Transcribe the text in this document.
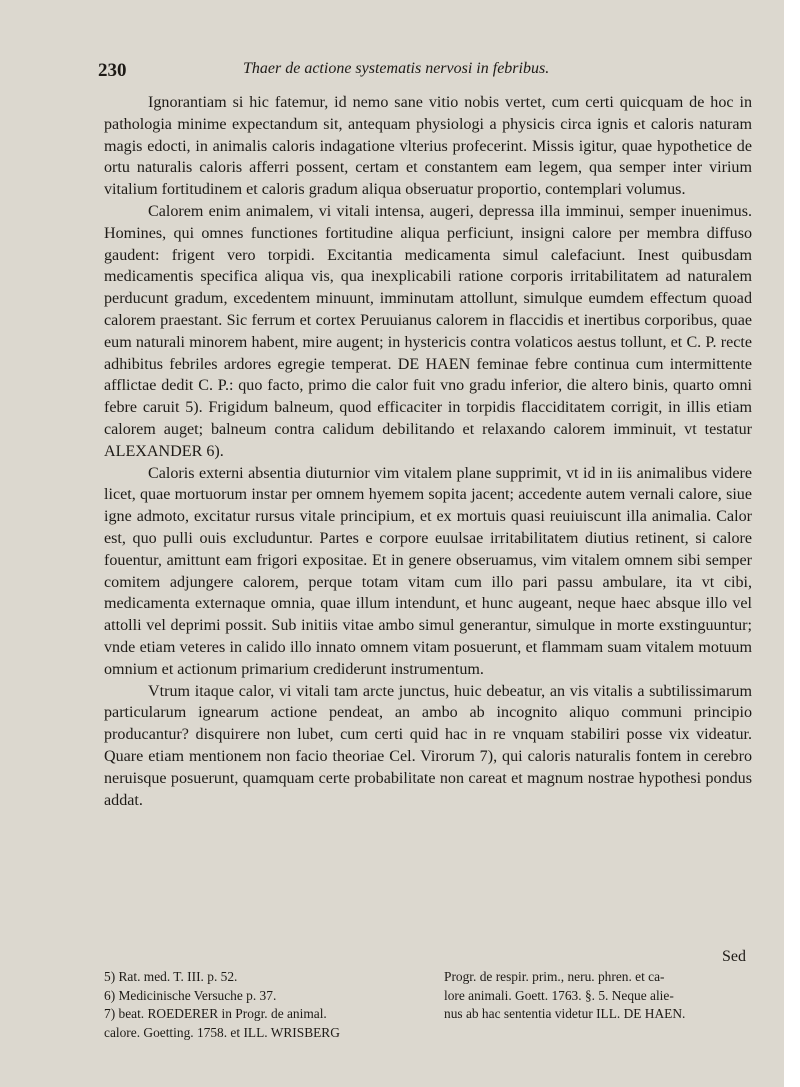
230	Thaer de actione systematis nervosi in febribus.

Ignorantiam si hic fatemur, id nemo sane vitio nobis vertet, cum certi quicquam de hoc in pathologia minime expectandum sit, antequam physiologi a physicis circa ignis et caloris naturam magis edocti, in animalis caloris indagatione vlterius profecerint. Missis igitur, quae hypothetice de ortu naturalis caloris afferri possent, certam et constantem eam legem, qua semper inter virium vitalium fortitudinem et caloris gradum aliqua obseruatur proportio, contemplari volumus.

Calorem enim animalem, vi vitali intensa, augeri, depressa illa imminui, semper inuenimus. Homines, qui omnes functiones fortitudine aliqua perficiunt, insigni calore per membra diffuso gaudent: frigent vero torpidi. Excitantia medicamenta simul calefaciunt. Inest quibusdam medicamentis specifica aliqua vis, qua inexplicabili ratione corporis irritabilitatem ad naturalem perducunt gradum, excedentem minuunt, imminutam attollunt, simulque eumdem effectum quoad calorem praestant. Sic ferrum et cortex Peruuianus calorem in flaccidis et inertibus corporibus, quae eum naturali minorem habent, mire augent; in hystericis contra volaticos aestus tollunt, et C. P. recte adhibitus febriles ardores egregie temperat. DE HAEN feminae febre continua cum intermittente afflictae dedit C. P.: quo facto, primo die calor fuit vno gradu inferior, die altero binis, quarto omni febre caruit 5). Frigidum balneum, quod efficaciter in torpidis flacciditatem corrigit, in illis etiam calorem auget; balneum contra calidum debilitando et relaxando calorem imminuit, vt testatur ALEXANDER 6).

Caloris externi absentia diuturnior vim vitalem plane supprimit, vt id in iis animalibus videre licet, quae mortuorum instar per omnem hyemem sopita jacent; accedente autem vernali calore, siue igne admoto, excitatur rursus vitale principium, et ex mortuis quasi reuiuiscunt illa animalia. Calor est, quo pulli ouis excluduntur. Partes e corpore euulsae irritabilitatem diutius retinent, si calore fouentur, amittunt eam frigori expositae. Et in genere obseruamus, vim vitalem omnem sibi semper comitem adjungere calorem, perque totam vitam cum illo pari passu ambulare, ita vt cibi, medicamenta externaque omnia, quae illum intendunt, et hunc augeant, neque haec absque illo vel attolli vel deprimi possit. Sub initiis vitae ambo simul generantur, simulque in morte exstinguuntur; vnde etiam veteres in calido illo innato omnem vitam posuerunt, et flammam suam vitalem motuum omnium et actionum primarium crediderunt instrumentum.

Vtrum itaque calor, vi vitali tam arcte junctus, huic debeatur, an vis vitalis a subtilissimarum particularum ignearum actione pendeat, an ambo ab incognito aliquo communi principio producantur? disquirere non lubet, cum certi quid hac in re vnquam stabiliri posse vix videatur. Quare etiam mentionem non facio theoriae Cel. Virorum 7), qui caloris naturalis fontem in cerebro neruisque posuerunt, quamquam certe probabilitate non careat et magnum nostrae hypothesi pondus addat.

Sed
5) Rat. med. T. III. p. 52.
6) Medicinische Versuche p. 37.
7) beat. ROEDERER in Progr. de animal.
calore. Goetting. 1758. et ILL. WRISBERG
Progr. de respir. prim., neru. phren. et ca-
lore animali. Goett. 1763. §. 5. Neque alie-
nus ab hac sententia videtur ILL. DE HAEN.
